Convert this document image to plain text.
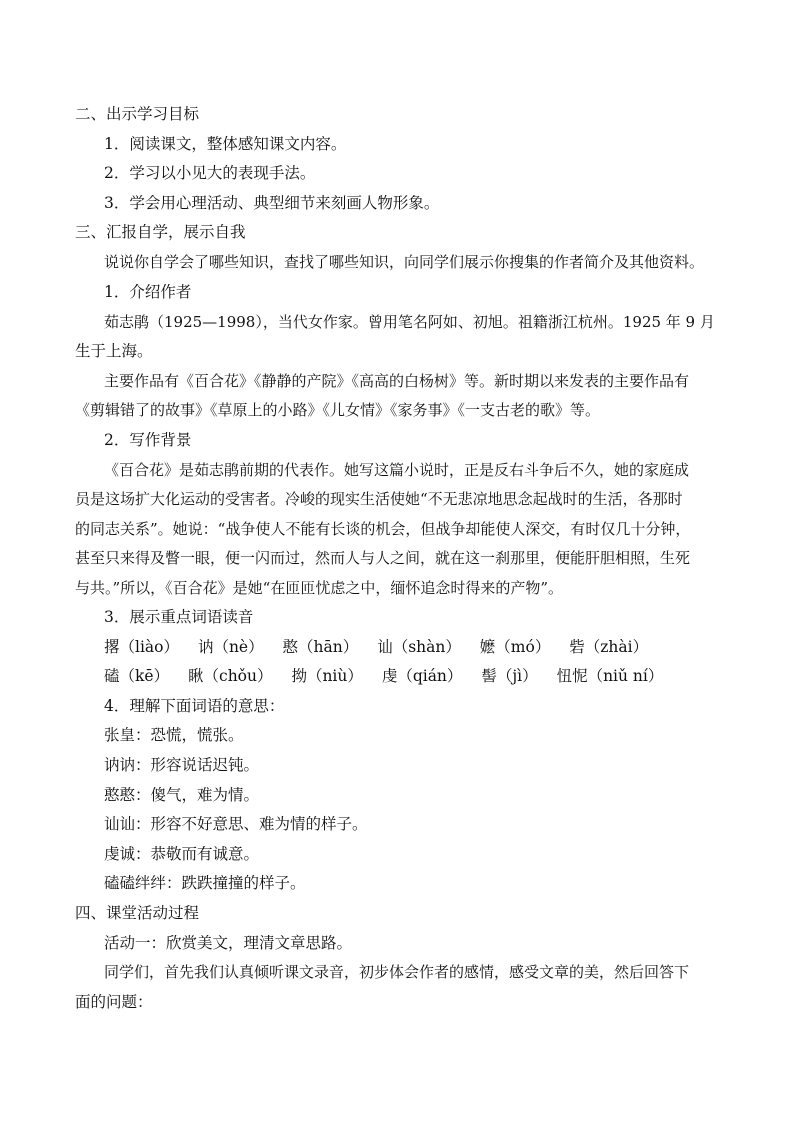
二、出示学习目标
1．阅读课文，整体感知课文内容。
2．学习以小见大的表现手法。
3．学会用心理活动、典型细节来刻画人物形象。
三、汇报自学，展示自我
说说你自学会了哪些知识，查找了哪些知识，向同学们展示你搜集的作者简介及其他资料。
1．介绍作者
茹志鹃（1925—1998），当代女作家。曾用笔名阿如、初旭。祖籍浙江杭州。1925 年 9 月
生于上海。
主要作品有《百合花》《静静的产院》《高高的白杨树》等。新时期以来发表的主要作品有
《剪辑错了的故事》《草原上的小路》《儿女情》《家务事》《一支古老的歌》等。
2．写作背景
《百合花》是茹志鹃前期的代表作。她写这篇小说时，正是反右斗争后不久，她的家庭成
员是这场扩大化运动的受害者。冷峻的现实生活使她“不无悲凉地思念起战时的生活，各那时
的同志关系”。她说：“战争使人不能有长谈的机会，但战争却能使人深交，有时仅几十分钟，
甚至只来得及瞥一眼，便一闪而过，然而人与人之间，就在这一刹那里，便能肝胆相照，生死
与共。”所以，《百合花》是她“在匝匝忧虑之中，缅怀追念时得来的产物”。
3．展示重点词语读音
撂（liào） 讷（nè） 憨（hān） 讪（shàn） 嬷（mó） 砦（zhài）
磕（kē） 瞅（chǒu） 拗（niù） 虔（qián） 髻（jì） 忸怩（niǔ ní）
4．理解下面词语的意思：
张皇：恐慌，慌张。
讷讷：形容说话迟钝。
憨憨：傻气，难为情。
讪讪：形容不好意思、难为情的样子。
虔诚：恭敬而有诚意。
磕磕绊绊：跌跌撞撞的样子。
四、课堂活动过程
活动一：欣赏美文，理清文章思路。
同学们，首先我们认真倾听课文录音，初步体会作者的感情，感受文章的美，然后回答下
面的问题：
